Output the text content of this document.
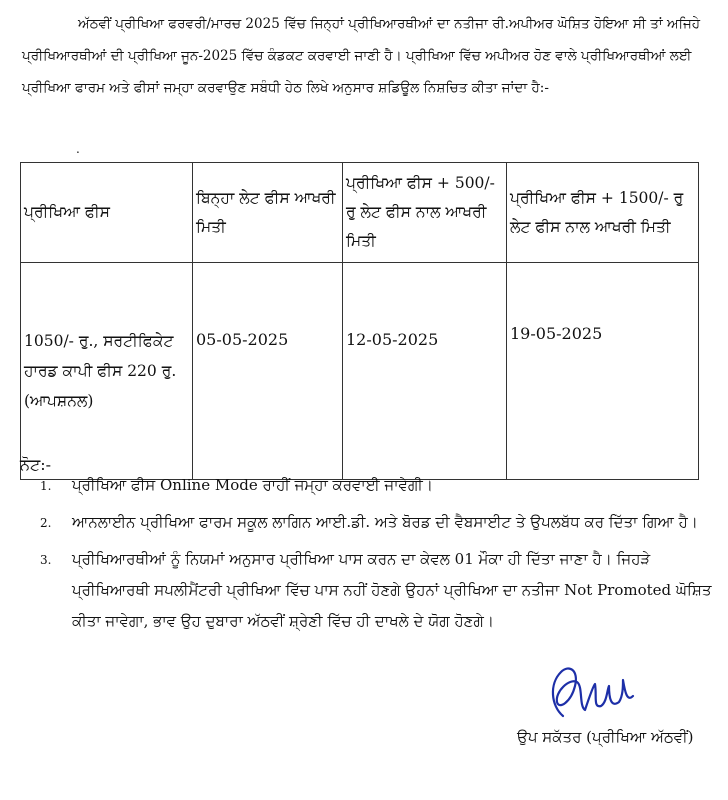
ਅੱਠਵੀਂ ਪ੍ਰੀਖਿਆ ਫਰਵਰੀ/ਮਾਰਚ 2025 ਵਿੱਚ ਜਿਨ੍ਹਾਂ ਪ੍ਰੀਖਿਆਰਥੀਆਂ ਦਾ ਨਤੀਜਾ ਰੀ.ਅਪੀਅਰ ਘੋਸ਼ਿਤ ਹੋਇਆ ਸੀ ਤਾਂ ਅਜਿਹੇ ਪ੍ਰੀਖਿਆਰਥੀਆਂ ਦੀ ਪ੍ਰੀਖਿਆ ਜੂਨ-2025 ਵਿੱਚ ਕੰਡਕਟ ਕਰਵਾਈ ਜਾਣੀ ਹੈ। ਪ੍ਰੀਖਿਆ ਵਿੱਚ ਅਪੀਅਰ ਹੋਣ ਵਾਲੇ ਪ੍ਰੀਖਿਆਰਥੀਆਂ ਲਈ ਪ੍ਰੀਖਿਆ ਫਾਰਮ ਅਤੇ ਫੀਸਾਂ ਜਮ੍ਹਾ ਕਰਵਾਉਣ ਸਬੰਧੀ ਹੇਠ ਲਿਖੇ ਅਨੁਸਾਰ ਸ਼ਡਿਊਲ ਨਿਸ਼ਚਿਤ ਕੀਤਾ ਜਾਂਦਾ ਹੈ:-
.
ਪ੍ਰੀਖਿਆ ਫੀਸ	ਬਿਨ੍ਹਾ ਲੇਟ ਫੀਸ ਆਖਰੀ ਮਿਤੀ	ਪ੍ਰੀਖਿਆ ਫੀਸ + 500/- ਰੁ ਲੇਟ ਫੀਸ ਨਾਲ ਆਖਰੀ ਮਿਤੀ	ਪ੍ਰੀਖਿਆ ਫੀਸ + 1500/- ਰੁ ਲੇਟ ਫੀਸ ਨਾਲ ਆਖਰੀ ਮਿਤੀ
1050/- ਰੁ., ਸਰਟੀਫਿਕੇਟ ਹਾਰਡ ਕਾਪੀ ਫੀਸ 220 ਰੁ. (ਆਪਸ਼ਨਲ)	05-05-2025	12-05-2025	19-05-2025
ਨੋਟ:-
1.	ਪ੍ਰੀਖਿਆ ਫੀਸ Online Mode ਰਾਹੀਂ ਜਮ੍ਹਾ ਕਰਵਾਈ ਜਾਵੇਗੀ।
2.	ਆਨਲਾਈਨ ਪ੍ਰੀਖਿਆ ਫਾਰਮ ਸਕੂਲ ਲਾਗਿਨ ਆਈ.ਡੀ. ਅਤੇ ਬੋਰਡ ਦੀ ਵੈਬਸਾਈਟ ਤੇ ਉਪਲਬੱਧ ਕਰ ਦਿੱਤਾ ਗਿਆ ਹੈ।
3.	ਪ੍ਰੀਖਿਆਰਥੀਆਂ ਨੂੰ ਨਿਯਮਾਂ ਅਨੁਸਾਰ ਪ੍ਰੀਖਿਆ ਪਾਸ ਕਰਨ ਦਾ ਕੇਵਲ 01 ਮੌਕਾ ਹੀ ਦਿੱਤਾ ਜਾਣਾ ਹੈ। ਜਿਹੜੇ ਪ੍ਰੀਖਿਆਰਥੀ ਸਪਲੀਮੈਂਟਰੀ ਪ੍ਰੀਖਿਆ ਵਿੱਚ ਪਾਸ ਨਹੀਂ ਹੋਣਗੇ ਉਹਨਾਂ ਪ੍ਰੀਖਿਆ ਦਾ ਨਤੀਜਾ Not Promoted ਘੋਸ਼ਿਤ ਕੀਤਾ ਜਾਵੇਗਾ, ਭਾਵ ਉਹ ਦੁਬਾਰਾ ਅੱਠਵੀਂ ਸ਼੍ਰੇਣੀ ਵਿੱਚ ਹੀ ਦਾਖਲੇ ਦੇ ਯੋਗ ਹੋਣਗੇ।
ਉਪ ਸਕੱਤਰ (ਪ੍ਰੀਖਿਆ ਅੱਠਵੀਂ)
